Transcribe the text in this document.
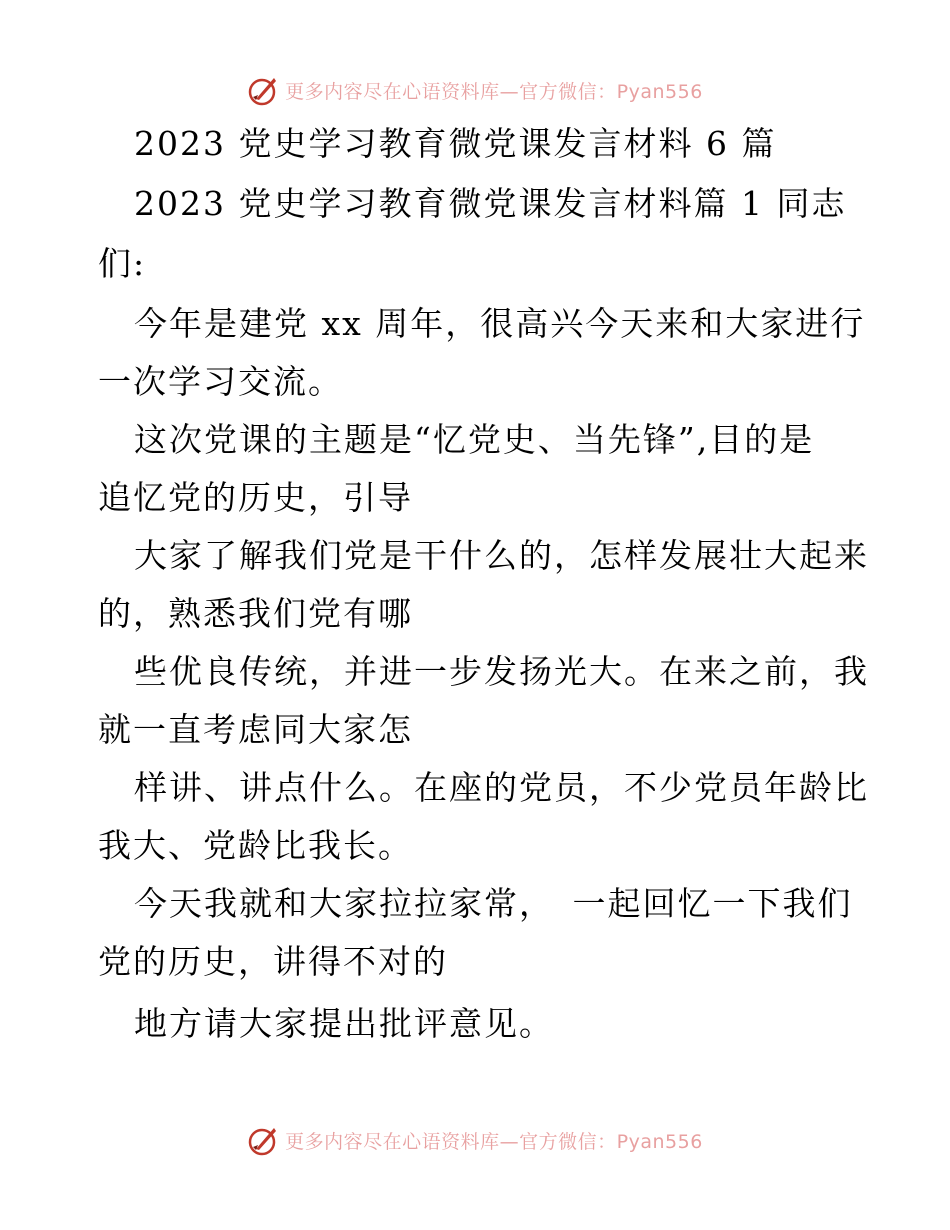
更多内容尽在心语资料库—官方微信：Pyan556
2023 党史学习教育微党课发言材料 6 篇
2023 党史学习教育微党课发言材料篇 1 同志
们:
今年是建党 xx 周年，很高兴今天来和大家进行
一次学习交流。
这次党课的主题是“忆党史、当先锋”,目的是
追忆党的历史，引导
大家了解我们党是干什么的，怎样发展壮大起来
的，熟悉我们党有哪
些优良传统，并进一步发扬光大。在来之前，我
就一直考虑同大家怎
样讲、讲点什么。在座的党员，不少党员年龄比
我大、党龄比我长。
今天我就和大家拉拉家常，　一起回忆一下我们
党的历史，讲得不对的
地方请大家提出批评意见。
更多内容尽在心语资料库—官方微信：Pyan556
